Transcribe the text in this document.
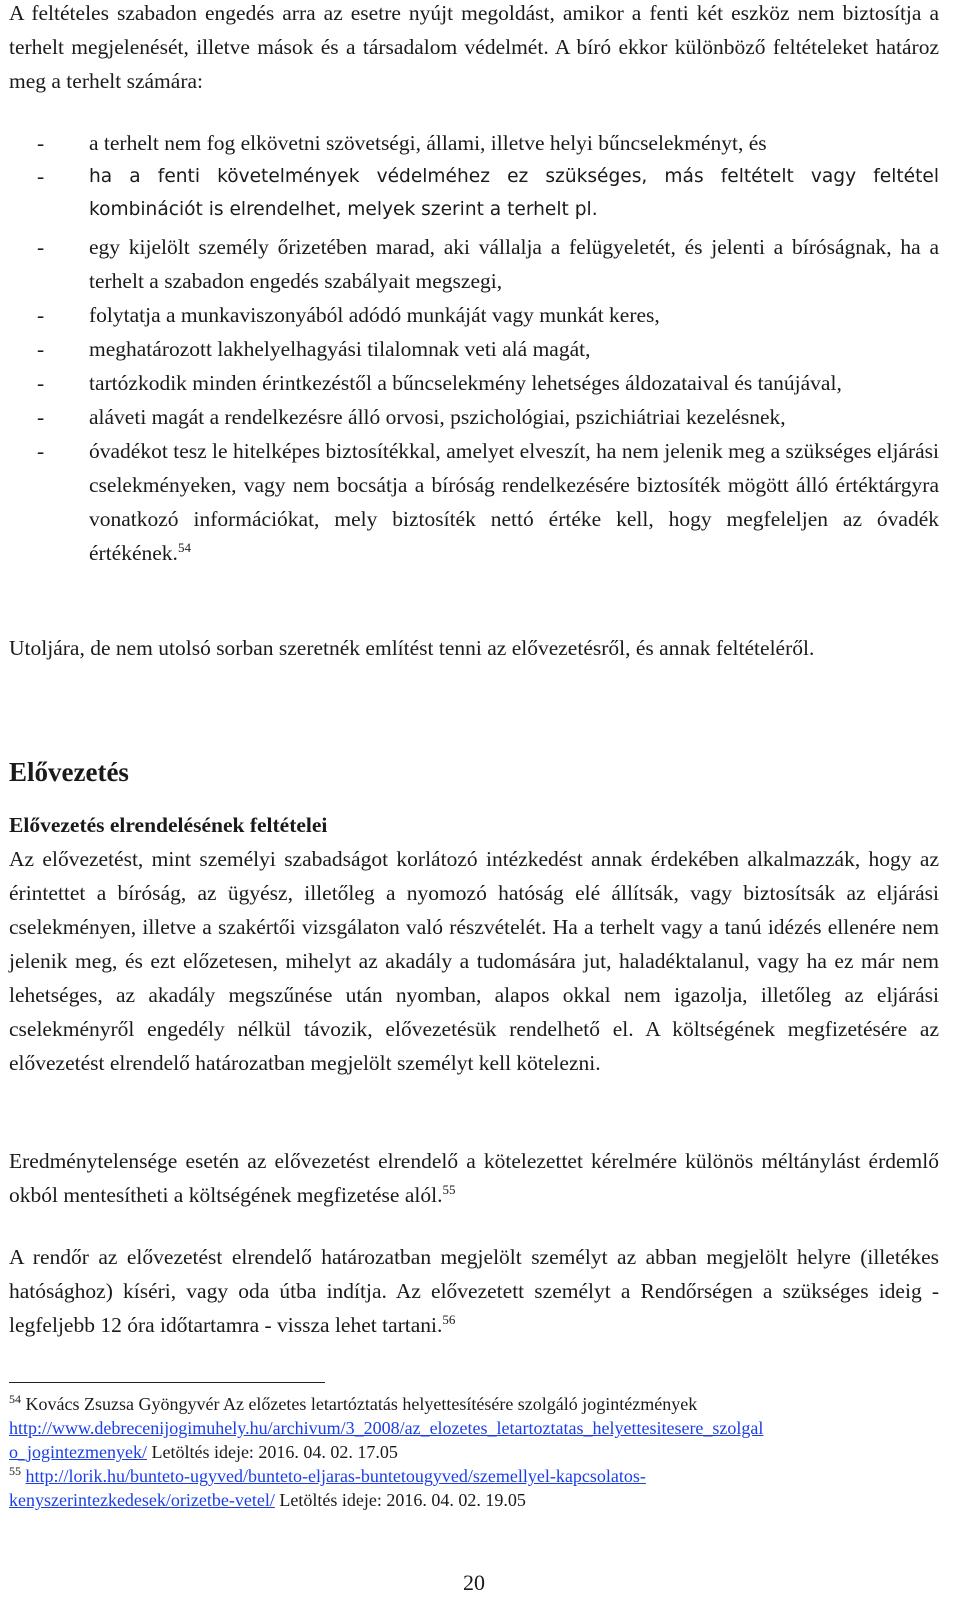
A feltételes szabadon engedés arra az esetre nyújt megoldást, amikor a fenti két eszköz nem biztosítja a terhelt megjelenését, illetve mások és a társadalom védelmét. A bíró ekkor különböző feltételeket határoz meg a terhelt számára:

- a terhelt nem fog elkövetni szövetségi, állami, illetve helyi bűncselekményt, és
- ha a fenti követelmények védelméhez ez szükséges, más feltételt vagy feltétel kombinációt is elrendelhet, melyek szerint a terhelt pl.
- egy kijelölt személy őrizetében marad, aki vállalja a felügyeletét, és jelenti a bíróságnak, ha a terhelt a szabadon engedés szabályait megszegi,
- folytatja a munkaviszonyából adódó munkáját vagy munkát keres,
- meghatározott lakhelyelhagyási tilalomnak veti alá magát,
- tartózkodik minden érintkezéstől a bűncselekmény lehetséges áldozataival és tanújával,
- aláveti magát a rendelkezésre álló orvosi, pszichológiai, pszichiátriai kezelésnek,
- óvadékot tesz le hitelképes biztosítékkal, amelyet elveszít, ha nem jelenik meg a szükséges eljárási cselekményeken, vagy nem bocsátja a bíróság rendelkezésére biztosíték mögött álló értéktárgyra vonatkozó információkat, mely biztosíték nettó értéke kell, hogy megfeleljen az óvadék értékének.$^{54}$

Utoljára, de nem utolsó sorban szeretnék említést tenni az elővezetésről, és annak feltételéről.

Elővezetés
Elővezetés elrendelésének feltételei

Az elővezetést, mint személyi szabadságot korlátozó intézkedést annak érdekében alkalmazzák, hogy az érintettet a bíróság, az ügyész, illetőleg a nyomozó hatóság elé állítsák, vagy biztosítsák az eljárási cselekményen, illetve a szakértői vizsgálaton való részvételét. Ha a terhelt vagy a tanú idézés ellenére nem jelenik meg, és ezt előzetesen, mihelyt az akadály a tudomására jut, haladéktalanul, vagy ha ez már nem lehetséges, az akadály megszűnése után nyomban, alapos okkal nem igazolja, illetőleg az eljárási cselekményről engedély nélkül távozik, elővezetésük rendelhető el. A költségének megfizetésére az elővezetést elrendelő határozatban megjelölt személyt kell kötelezni.

Eredménytelensége esetén az elővezetést elrendelő a kötelezettet kérelmére különös méltánylást érdemlő okból mentesítheti a költségének megfizetése alól.$^{55}$

A rendőr az elővezetést elrendelő határozatban megjelölt személyt az abban megjelölt helyre (illetékes hatósághoz) kíséri, vagy oda útba indítja. Az elővezetett személyt a Rendőrségen a szükséges ideig - legfeljebb 12 óra időtartamra - vissza lehet tartani.$^{56}$

$^{54}$ Kovács Zsuzsa Gyöngyvér Az előzetes letartóztatás helyettesítésére szolgáló jogintézmények
http://www.debrecenijogimuhely.hu/archivum/3_2008/az_elozetes_letartoztatas_helyettesitesere_szolgal
o_jogintezmenyek/ Letöltés ideje: 2016. 04. 02. 17.05
$^{55}$ http://lorik.hu/bunteto-ugyved/bunteto-eljaras-buntetougyved/szemellyel-kapcsolatos-
kenyszerintezkedesek/orizetbe-vetel/ Letöltés ideje: 2016. 04. 02. 19.05
20
